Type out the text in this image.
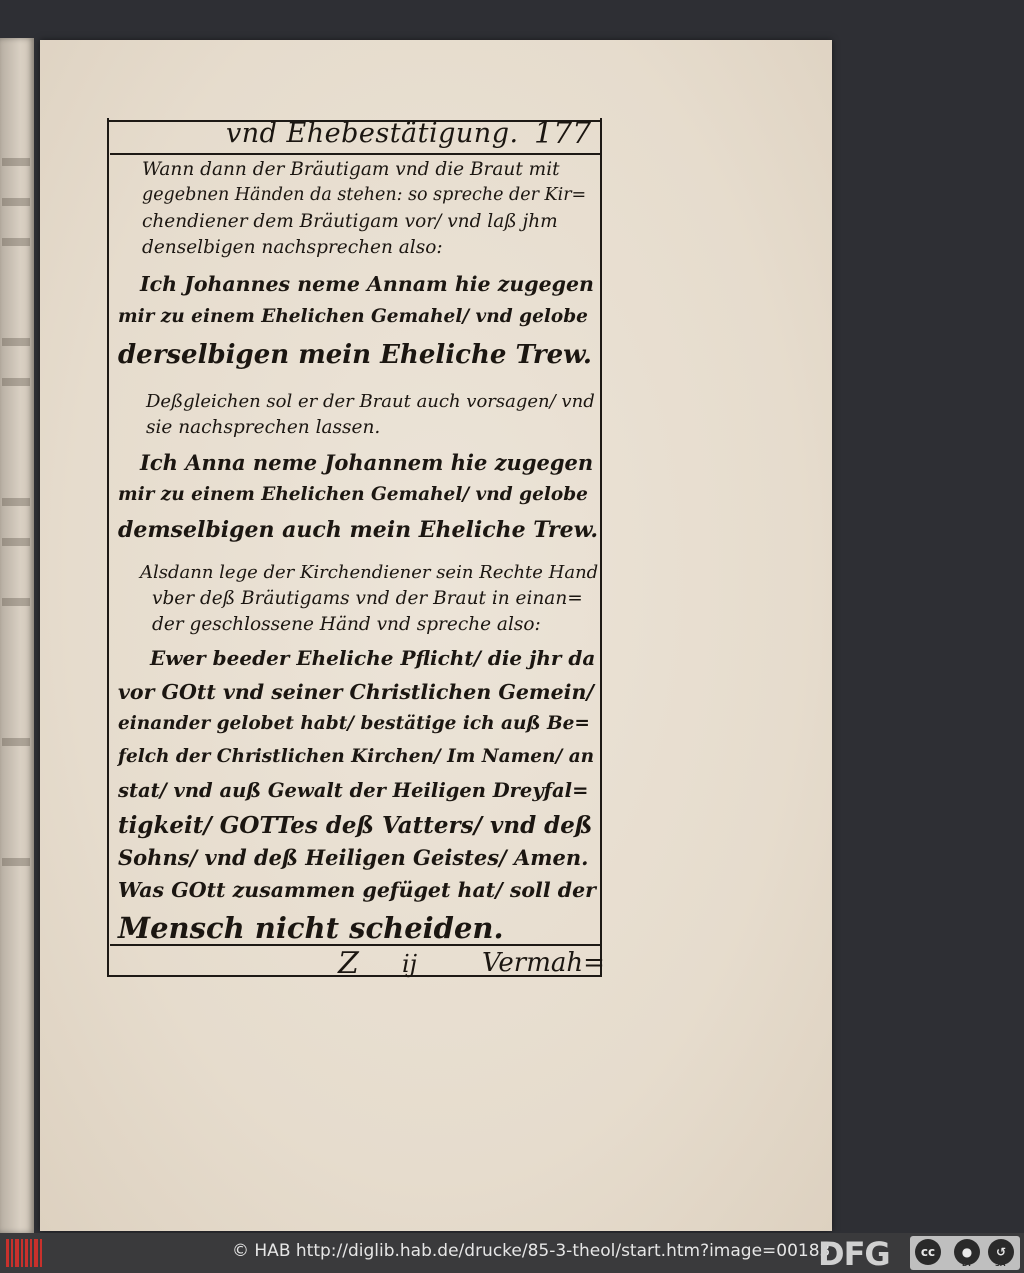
vnd Ehebestätigung. 177

Wann dann der Bräutigam vnd die Braut mit

gegebnen Händen da stehen: so spreche der Kir=

chendiener dem Bräutigam vor/ vnd laß jhm

denselbigen nachsprechen also:

Ich Johannes neme Annam hie zugegen

mir zu einem Ehelichen Gemahel/ vnd gelobe

derselbigen mein Eheliche Trew.

Deßgleichen sol er der Braut auch vorsagen/ vnd

sie nachsprechen lassen.

Ich Anna neme Johannem hie zugegen

mir zu einem Ehelichen Gemahel/ vnd gelobe

demselbigen auch mein Eheliche Trew.

Alsdann lege der Kirchendiener sein Rechte Hand

vber deß Bräutigams vnd der Braut in einan=

der geschlossene Händ vnd spreche also:

Ewer beeder Eheliche Pflicht/ die jhr da

vor GOtt vnd seiner Christlichen Gemein/

einander gelobet habt/ bestätige ich auß Be=

felch der Christlichen Kirchen/ Im Namen/ an

stat/ vnd auß Gewalt der Heiligen Dreyfal=

tigkeit/ GOTTes deß Vatters/ vnd deß

Sohns/ vnd deß Heiligen Geistes/ Amen.

Was GOtt zusammen gefüget hat/ soll der

Mensch nicht scheiden.

Z ij Vermah=

© HAB http://diglib.hab.de/drucke/85-3-theol/start.htm?image=00183

DFG	cc	●	↺
BY	SA
